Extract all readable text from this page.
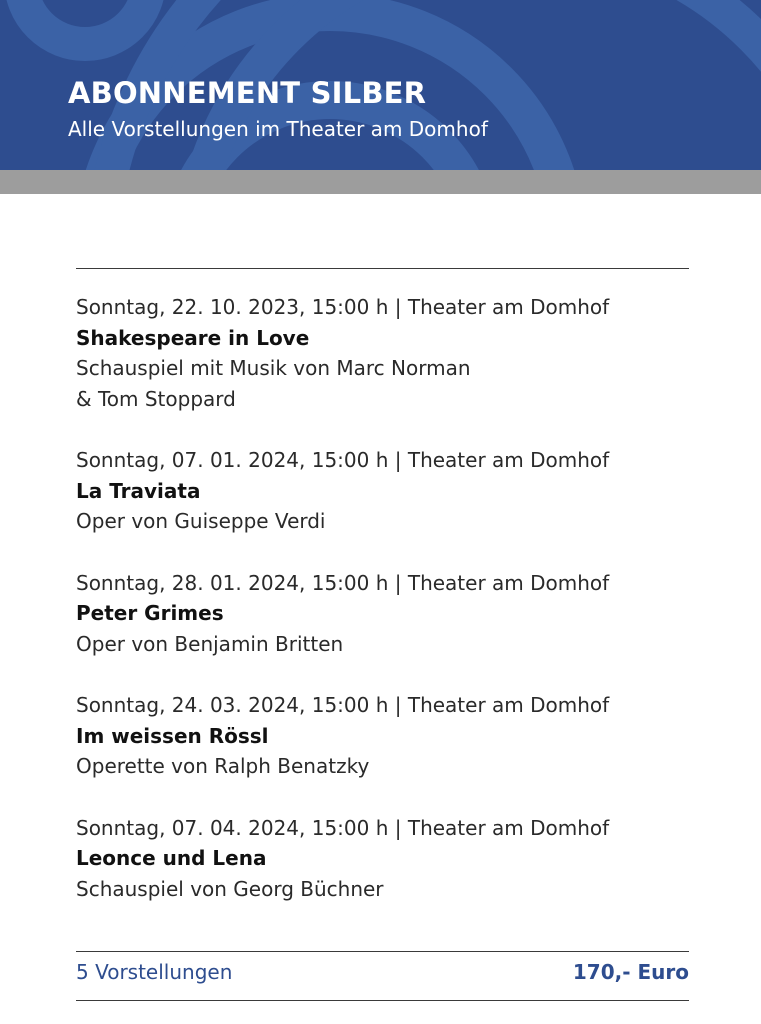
ABONNEMENT SILBER
Alle Vorstellungen im Theater am Domhof
Sonntag, 22. 10. 2023, 15:00 h | Theater am Domhof
Shakespeare in Love
Schauspiel mit Musik von Marc Norman
& Tom Stoppard
Sonntag, 07. 01. 2024, 15:00 h | Theater am Domhof
La Traviata
Oper von Guiseppe Verdi
Sonntag, 28. 01. 2024, 15:00 h | Theater am Domhof
Peter Grimes
Oper von Benjamin Britten
Sonntag, 24. 03. 2024, 15:00 h | Theater am Domhof
Im weissen Rössl
Operette von Ralph Benatzky
Sonntag, 07. 04. 2024, 15:00 h | Theater am Domhof
Leonce und Lena
Schauspiel von Georg Büchner
5 Vorstellungen	170,- Euro
